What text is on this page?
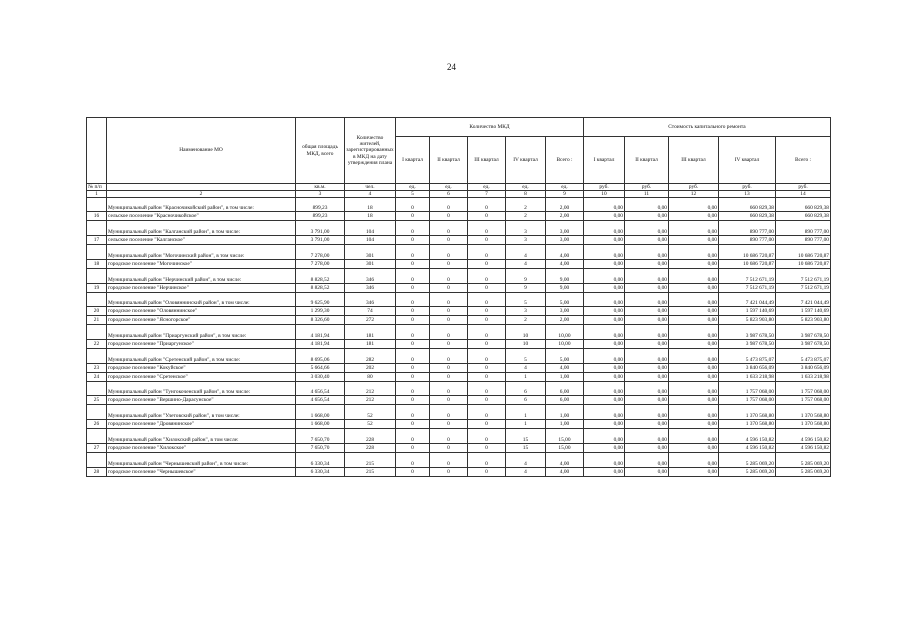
24
	Наименование МО	общая площадь МКД, всего	Количество жителей, зарегистрированных в МКД на дату утверждения плана	Количество МКД					Стоимость капитального ремонта				
				I квартал	II квартал	III квартал	IV квартал	Всего :	I квартал	II квартал	III квартал	IV квартал	Всего :
№ п/п		кв.м.	чел.	ед.	ед.	ед.	ед.	ед.	руб.	руб.	руб.	руб.	руб.
1	2	3	4	5	6	7	8	9	10	11	12	13	14
	Муниципальный район "Красночикойский район", в том числе:	899,23	18	0	0	0	2	2,00	0,00	0,00	0,00	660 829,38	660 829,38
16	сельское поселение "Красночикойское"	899,23	18	0	0	0	2	2,00	0,00	0,00	0,00	660 829,38	660 829,38
	Муниципальный район "Калганский район", в том числе:	3 791,00	104	0	0	0	3	3,00	0,00	0,00	0,00	890 777,00	890 777,00
17	сельское поселение "Калганское"	3 791,00	104	0	0	0	3	3,00	0,00	0,00	0,00	890 777,00	890 777,00
	Муниципальный район "Могочинский район", в том числе:	7 278,00	301	0	0	0	4	4,00	0,00	0,00	0,00	10 686 720,87	10 686 720,87
18	городское поселение "Могочинское"	7 278,00	301	0	0	0	4	4,00	0,00	0,00	0,00	10 686 720,87	10 686 720,87
	Муниципальный район "Нерчинский район", в том числе:	8 828,52	346	0	0	0	9	9,00	0,00	0,00	0,00	7 512 671,19	7 512 671,19
19	городское поселение "Нерчинское"	8 828,52	346	0	0	0	9	9,00	0,00	0,00	0,00	7 512 671,19	7 512 671,19
	Муниципальный район "Оловяннинский район", в том числе:	9 625,90	346	0	0	0	5	5,00	0,00	0,00	0,00	7 421 044,49	7 421 044,49
20	городское поселение "Оловяннинское"	1 299,30	74	0	0	0	3	3,00	0,00	0,00	0,00	1 597 140,69	1 597 140,69
21	городское поселение "Ясногорское"	8 326,60	272	0	0	0	2	2,00	0,00	0,00	0,00	5 823 903,80	5 823 903,80
	Муниципальный район "Приаргунский район", в том числе:	4 181,94	181	0	0	0	10	10,00	0,00	0,00	0,00	3 987 678,50	3 987 678,50
22	городское поселение "Приаргунское"	4 181,94	181	0	0	0	10	10,00	0,00	0,00	0,00	3 987 678,50	3 987 678,50
	Муниципальный район "Сретенский район", в том числе:	8 695,06	282	0	0	0	5	5,00	0,00	0,00	0,00	5 473 875,07	5 473 875,07
23	городское поселение "Кокуйское"	5 664,66	202	0	0	0	4	4,00	0,00	0,00	0,00	3 840 656,09	3 840 656,09
24	городское поселение "Сретенское"	3 030,40	80	0	0	0	1	1,00	0,00	0,00	0,00	1 633 218,98	1 633 218,98
	Муниципальный район "Тунгокоченский район", в том числе:	4 656,54	212	0	0	0	6	6,00	0,00	0,00	0,00	1 757 068,00	1 757 068,00
25	городское поселение "Вершино-Дарасунское"	4 656,54	212	0	0	0	6	6,00	0,00	0,00	0,00	1 757 068,00	1 757 068,00
	Муниципальный район "Улетовский район", в том числе:	1 668,00	52	0	0	0	1	1,00	0,00	0,00	0,00	1 370 568,80	1 370 568,80
26	городское поселение "Дровянинское"	1 668,00	52	0	0	0	1	1,00	0,00	0,00	0,00	1 370 568,80	1 370 568,80
	Муниципальный район "Хилокский район", в том числе:	7 650,70	228	0	0	0	15	15,00	0,00	0,00	0,00	4 596 150,82	4 596 150,82
27	городское поселение "Хилокское"	7 650,70	228	0	0	0	15	15,00	0,00	0,00	0,00	4 596 150,82	4 596 150,82
	Муниципальный район "Чернышевский район", в том числе:	6 330,34	215	0	0	0	4	4,00	0,00	0,00	0,00	5 285 069,20	5 285 069,20
28	городское поселение "Чернышевское"	6 330,34	215	0	0	0	4	4,00	0,00	0,00	0,00	5 285 069,20	5 285 069,20
